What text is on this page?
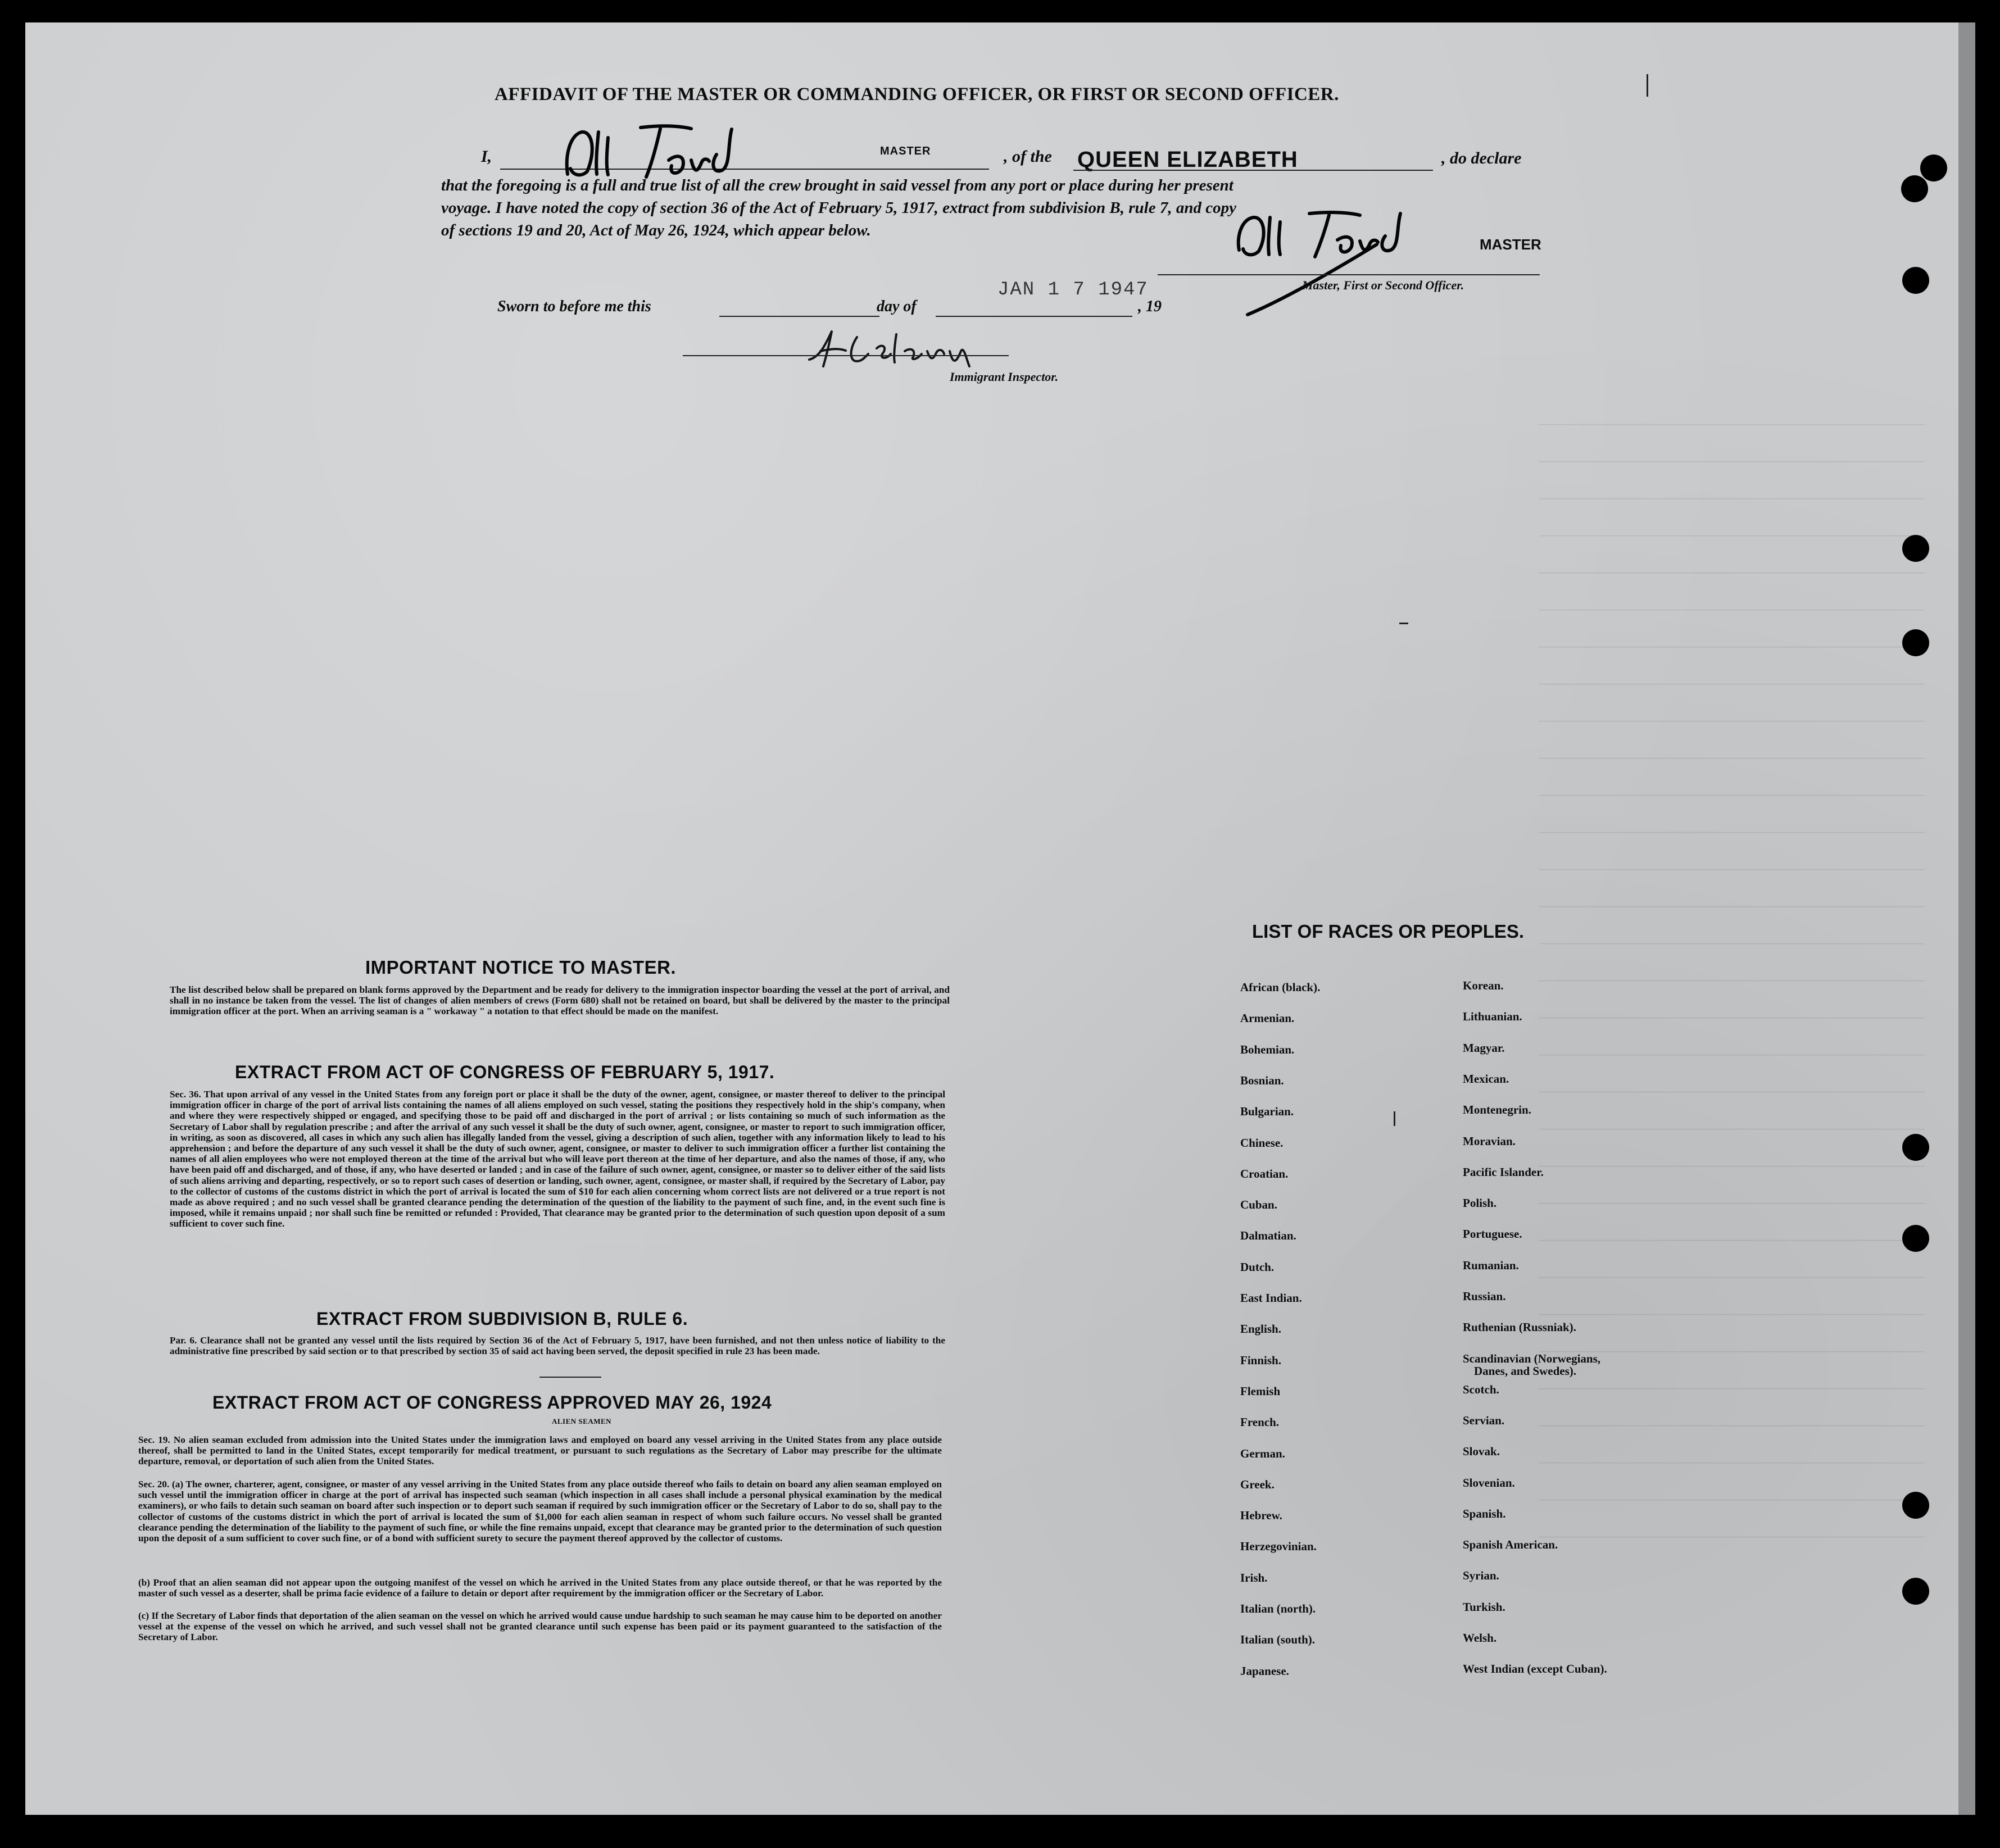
————————————————————————————————————————————
————————————————————————————————————————————
————————————————————————————————————————————
————————————————————————————————————————————
————————————————————————————————————————————
————————————————————————————————————————————
————————————————————————————————————————————
————————————————————————————————————————————
————————————————————————————————————————————
————————————————————————————————————————————
————————————————————————————————————————————
————————————————————————————————————————————
————————————————————————————————————————————
————————————————————————————————————————————
————————————————————————————————————————————
————————————————————————————————————————————
————————————————————————————————————————————
————————————————————————————————————————————
————————————————————————————————————————————
————————————————————————————————————————————
————————————————————————————————————————————
————————————————————————————————————————————
————————————————————————————————————————————
————————————————————————————————————————————
————————————————————————————————————————————
————————————————————————————————————————————
————————————————————————————————————————————
————————————————————————————————————————————
————————————————————————————————————————————
————————————————————————————————————————————
————————————————————————————————————————————
AFFIDAVIT OF THE MASTER OR COMMANDING OFFICER, OR FIRST OR SECOND OFFICER.
I,	MASTER	, of the QUEEN ELIZABETH	, do declare
that the foregoing is a full and true list of all the crew brought in said vessel from any port or place during her present
voyage. I have noted the copy of section 36 of the Act of February 5, 1917, extract from subdivision B, rule 7, and copy
of sections 19 and 20, Act of May 26, 1924, which appear below.
MASTER
Master, First or Second Officer.
Sworn to before me this	day of
JAN 1 7 1947
, 19
Immigrant Inspector.
IMPORTANT NOTICE TO MASTER.
The list described below shall be prepared on blank forms approved by the Department and be ready for delivery to the immigration inspector boarding the vessel at the port of arrival, and shall in no instance be taken from the vessel. The list of changes of alien members of crews (Form 680) shall not be retained on board, but shall be delivered by the master to the principal immigration officer at the port. When an arriving seaman is a " workaway " a notation to that effect should be made on the manifest.
EXTRACT FROM ACT OF CONGRESS OF FEBRUARY 5, 1917.
Sec. 36. That upon arrival of any vessel in the United States from any foreign port or place it shall be the duty of the owner, agent, consignee, or master thereof to deliver to the principal immigration officer in charge of the port of arrival lists containing the names of all aliens employed on such vessel, stating the positions they respectively hold in the ship's company, when and where they were respectively shipped or engaged, and specifying those to be paid off and discharged in the port of arrival ; or lists containing so much of such information as the Secretary of Labor shall by regulation prescribe ; and after the arrival of any such vessel it shall be the duty of such owner, agent, consignee, or master to report to such immigration officer, in writing, as soon as discovered, all cases in which any such alien has illegally landed from the vessel, giving a description of such alien, together with any information likely to lead to his apprehension ; and before the departure of any such vessel it shall be the duty of such owner, agent, consignee, or master to deliver to such immigration officer a further list containing the names of all alien employees who were not employed thereon at the time of the arrival but who will leave port thereon at the time of her departure, and also the names of those, if any, who have been paid off and discharged, and of those, if any, who have deserted or landed ; and in case of the failure of such owner, agent, consignee, or master so to deliver either of the said lists of such aliens arriving and departing, respectively, or so to report such cases of desertion or landing, such owner, agent, consignee, or master shall, if required by the Secretary of Labor, pay to the collector of customs of the customs district in which the port of arrival is located the sum of $10 for each alien concerning whom correct lists are not delivered or a true report is not made as above required ; and no such vessel shall be granted clearance pending the determination of the question of the liability to the payment of such fine, and, in the event such fine is imposed, while it remains unpaid ; nor shall such fine be remitted or refunded : Provided, That clearance may be granted prior to the determination of such question upon deposit of a sum sufficient to cover such fine.
EXTRACT FROM SUBDIVISION B, RULE 6.
Par. 6. Clearance shall not be granted any vessel until the lists required by Section 36 of the Act of February 5, 1917, have been furnished, and not then unless notice of liability to the administrative fine prescribed by said section or to that prescribed by section 35 of said act having been served, the deposit specified in rule 23 has been made.
EXTRACT FROM ACT OF CONGRESS APPROVED MAY 26, 1924
ALIEN SEAMEN
Sec. 19. No alien seaman excluded from admission into the United States under the immigration laws and employed on board any vessel arriving in the United States from any place outside thereof, shall be permitted to land in the United States, except temporarily for medical treatment, or pursuant to such regulations as the Secretary of Labor may prescribe for the ultimate departure, removal, or deportation of such alien from the United States.
Sec. 20. (a) The owner, charterer, agent, consignee, or master of any vessel arriving in the United States from any place outside thereof who fails to detain on board any alien seaman employed on such vessel until the immigration officer in charge at the port of arrival has inspected such seaman (which inspection in all cases shall include a personal physical examination by the medical examiners), or who fails to detain such seaman on board after such inspection or to deport such seaman if required by such immigration officer or the Secretary of Labor to do so, shall pay to the collector of customs of the customs district in which the port of arrival is located the sum of $1,000 for each alien seaman in respect of whom such failure occurs. No vessel shall be granted clearance pending the determination of the liability to the payment of such fine, or while the fine remains unpaid, except that clearance may be granted prior to the determination of such question upon the deposit of a sum sufficient to cover such fine, or of a bond with sufficient surety to secure the payment thereof approved by the collector of customs.
(b) Proof that an alien seaman did not appear upon the outgoing manifest of the vessel on which he arrived in the United States from any place outside thereof, or that he was reported by the master of such vessel as a deserter, shall be prima facie evidence of a failure to detain or deport after requirement by the immigration officer or the Secretary of Labor.
(c) If the Secretary of Labor finds that deportation of the alien seaman on the vessel on which he arrived would cause undue hardship to such seaman he may cause him to be deported on another vessel at the expense of the vessel on which he arrived, and such vessel shall not be granted clearance until such expense has been paid or its payment guaranteed to the satisfaction of the Secretary of Labor.
LIST OF RACES OR PEOPLES.
African (black).
Armenian.
Bohemian.
Bosnian.
Bulgarian.
Chinese.
Croatian.
Cuban.
Dalmatian.
Dutch.
East Indian.
English.
Finnish.
Flemish
French.
German.
Greek.
Hebrew.
Herzegovinian.
Irish.
Italian (north).
Italian (south).
Japanese.
Korean.
Lithuanian.
Magyar.
Mexican.
Montenegrin.
Moravian.
Pacific Islander.
Polish.
Portuguese.
Rumanian.
Russian.
Ruthenian (Russniak).
Scandinavian (Norwegians,
Danes, and Swedes).
Scotch.
Servian.
Slovak.
Slovenian.
Spanish.
Spanish American.
Syrian.
Turkish.
Welsh.
West Indian (except Cuban).
